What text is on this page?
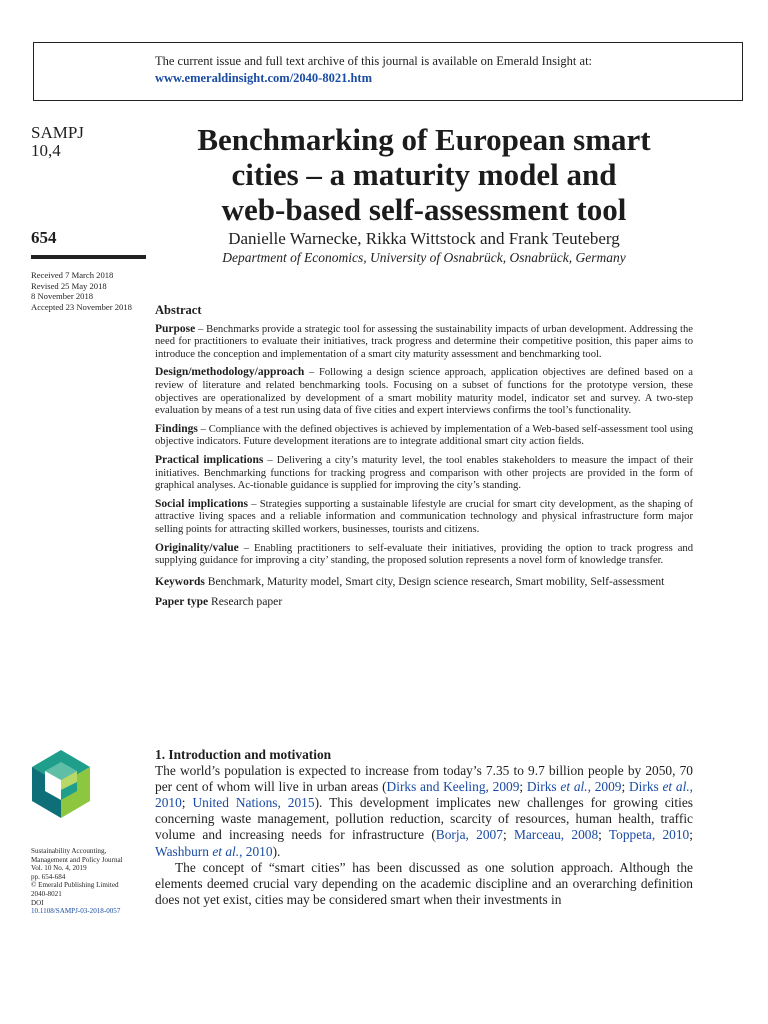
The current issue and full text archive of this journal is available on Emerald Insight at:
www.emeraldinsight.com/2040-8021.htm
SAMPJ
10,4
654
Received 7 March 2018
Revised 25 May 2018
8 November 2018
Accepted 23 November 2018
Sustainability Accounting,
Management and Policy Journal
Vol. 10 No. 4, 2019
pp. 654-684
© Emerald Publishing Limited
2040-8021
DOI
10.1108/SAMPJ-03-2018-0057
Benchmarking of European smart
cities – a maturity model and
web-based self-assessment tool
Danielle Warnecke, Rikka Wittstock and Frank Teuteberg
Department of Economics, University of Osnabrück, Osnabrück, Germany
Abstract

Purpose – Benchmarks provide a strategic tool for assessing the sustainability impacts of urban development. Addressing the need for practitioners to evaluate their initiatives, track progress and determine their competitive position, this paper aims to introduce the conception and implementation of a smart city maturity assessment and benchmarking tool.

Design/methodology/approach – Following a design science approach, application objectives are defined based on a review of literature and related benchmarking tools. Focusing on a subset of functions for the prototype version, these objectives are operationalized by development of a smart mobility maturity model, indicator set and survey. A two-step evaluation by means of a test run using data of five cities and expert interviews confirms the tool’s functionality.

Findings – Compliance with the defined objectives is achieved by implementation of a Web-based self-assessment tool using objective indicators. Future development iterations are to integrate additional smart city action fields.

Practical implications – Delivering a city’s maturity level, the tool enables stakeholders to measure the impact of their initiatives. Benchmarking functions for tracking progress and comparison with other projects are provided in the form of graphical analyses. Ac-tionable guidance is supplied for improving the city’s standing.

Social implications – Strategies supporting a sustainable lifestyle are crucial for smart city development, as the shaping of attractive living spaces and a reliable information and communication technology and physical infrastructure form major selling points for attracting skilled workers, businesses, tourists and citizens.

Originality/value – Enabling practitioners to self-evaluate their initiatives, providing the option to track progress and supplying guidance for improving a city’ standing, the proposed solution represents a novel form of knowledge transfer.

Keywords Benchmark, Maturity model, Smart city, Design science research, Smart mobility, Self-assessment

Paper type Research paper

1. Introduction and motivation

The world’s population is expected to increase from today’s 7.35 to 9.7 billion people by 2050, 70 per cent of whom will live in urban areas (Dirks and Keeling, 2009; Dirks et al., 2009; Dirks et al., 2010; United Nations, 2015). This development implicates new challenges for growing cities concerning waste management, pollution reduction, scarcity of resources, human health, traffic volume and increasing needs for infrastructure (Borja, 2007; Marceau, 2008; Toppeta, 2010; Washburn et al., 2010).

The concept of “smart cities” has been discussed as one solution approach. Although the elements deemed crucial vary depending on the academic discipline and an overarching definition does not yet exist, cities may be considered smart when their investments in
